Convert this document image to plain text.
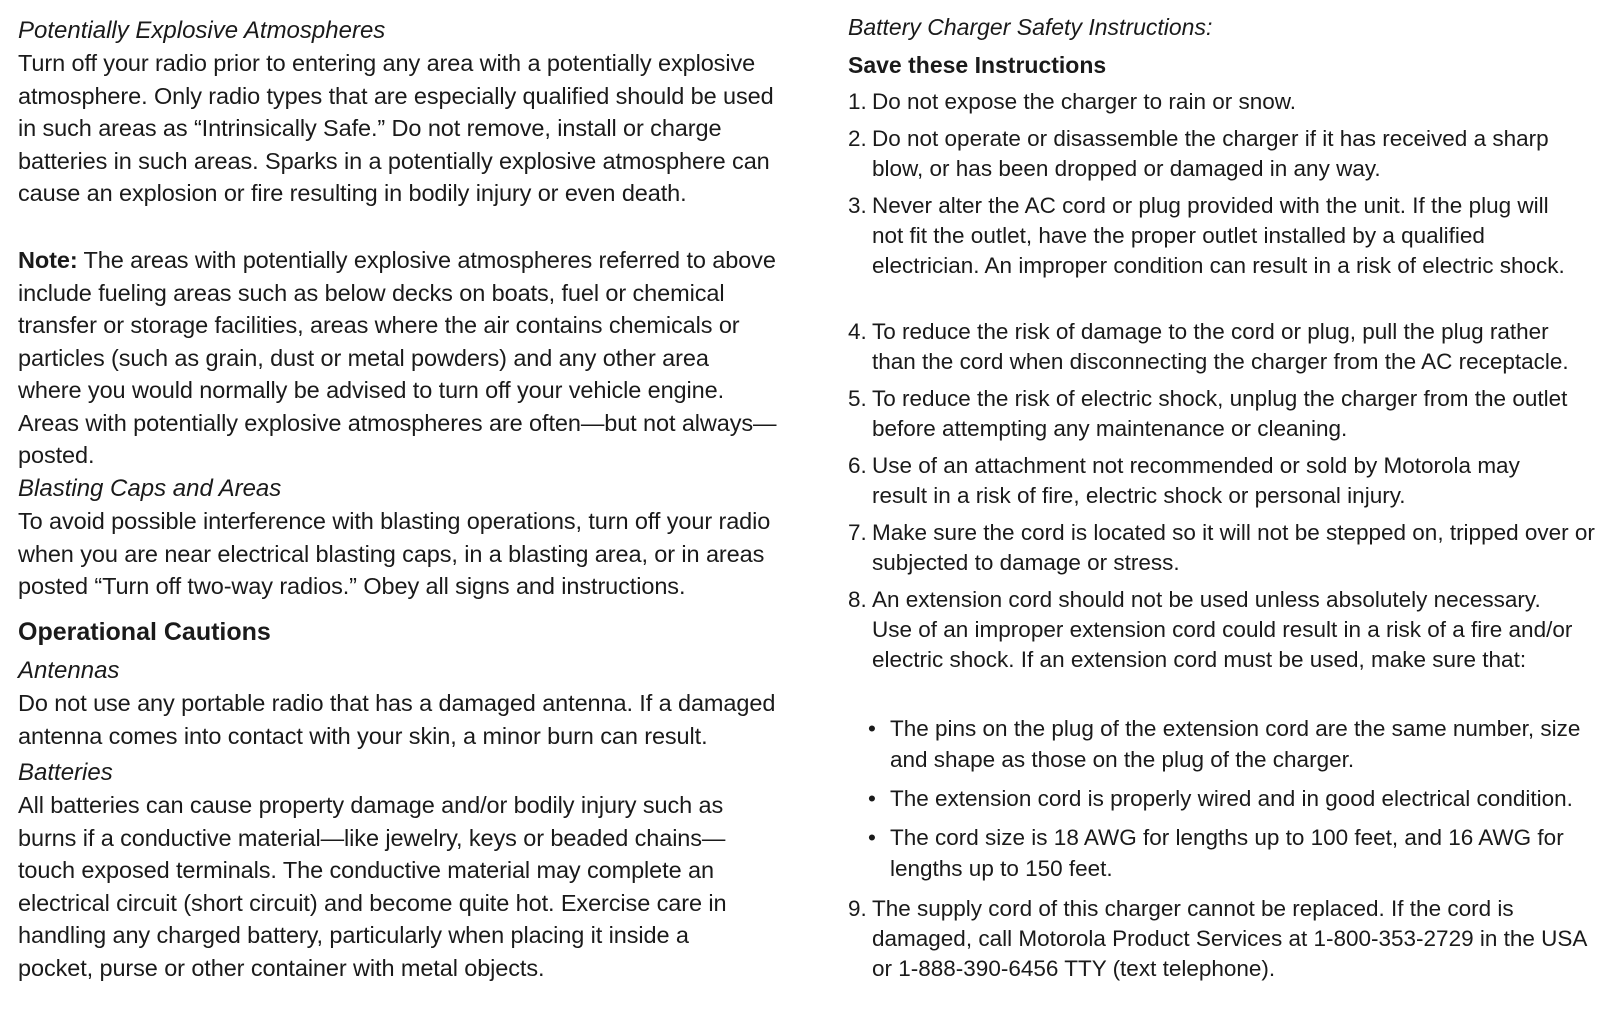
Potentially Explosive Atmospheres

Turn off your radio prior to entering any area with a potentially explosive atmosphere. Only radio types that are especially qualified should be used in such areas as “Intrinsically Safe.” Do not remove, install or charge batteries in such areas. Sparks in a potentially explosive atmosphere can cause an explosion or fire resulting in bodily injury or even death.

Note: The areas with potentially explosive atmospheres referred to above include fueling areas such as below decks on boats, fuel or chemical transfer or storage facilities, areas where the air contains chemicals or particles (such as grain, dust or metal powders) and any other area where you would normally be advised to turn off your vehicle engine. Areas with potentially explosive atmospheres are often—but not always—posted.

Blasting Caps and Areas

To avoid possible interference with blasting operations, turn off your radio when you are near electrical blasting caps, in a blasting area, or in areas posted “Turn off two-way radios.” Obey all signs and instructions.

Operational Cautions

Antennas

Do not use any portable radio that has a damaged antenna. If a damaged antenna comes into contact with your skin, a minor burn can result.

Batteries

All batteries can cause property damage and/or bodily injury such as burns if a conductive material—like jewelry, keys or beaded chains—touch exposed terminals. The conductive material may complete an electrical circuit (short circuit) and become quite hot. Exercise care in handling any charged battery, particularly when placing it inside a pocket, purse or other container with metal objects.

Battery Charger Safety Instructions:

Save these Instructions

1. Do not expose the charger to rain or snow.

2. Do not operate or disassemble the charger if it has received a sharp blow, or has been dropped or damaged in any way.

3. Never alter the AC cord or plug provided with the unit. If the plug will not fit the outlet, have the proper outlet installed by a qualified electrician. An improper condition can result in a risk of electric shock.

4. To reduce the risk of damage to the cord or plug, pull the plug rather than the cord when disconnecting the charger from the AC receptacle.

5. To reduce the risk of electric shock, unplug the charger from the outlet before attempting any maintenance or cleaning.

6. Use of an attachment not recommended or sold by Motorola may result in a risk of fire, electric shock or personal injury.

7. Make sure the cord is located so it will not be stepped on, tripped over or subjected to damage or stress.

8. An extension cord should not be used unless absolutely necessary. Use of an improper extension cord could result in a risk of a fire and/or electric shock. If an extension cord must be used, make sure that:

• The pins on the plug of the extension cord are the same number, size and shape as those on the plug of the charger.

• The extension cord is properly wired and in good electrical condition.

• The cord size is 18 AWG for lengths up to 100 feet, and 16 AWG for lengths up to 150 feet.

9. The supply cord of this charger cannot be replaced. If the cord is damaged, call Motorola Product Services at 1-800-353-2729 in the USA or 1-888-390-6456 TTY (text telephone).
